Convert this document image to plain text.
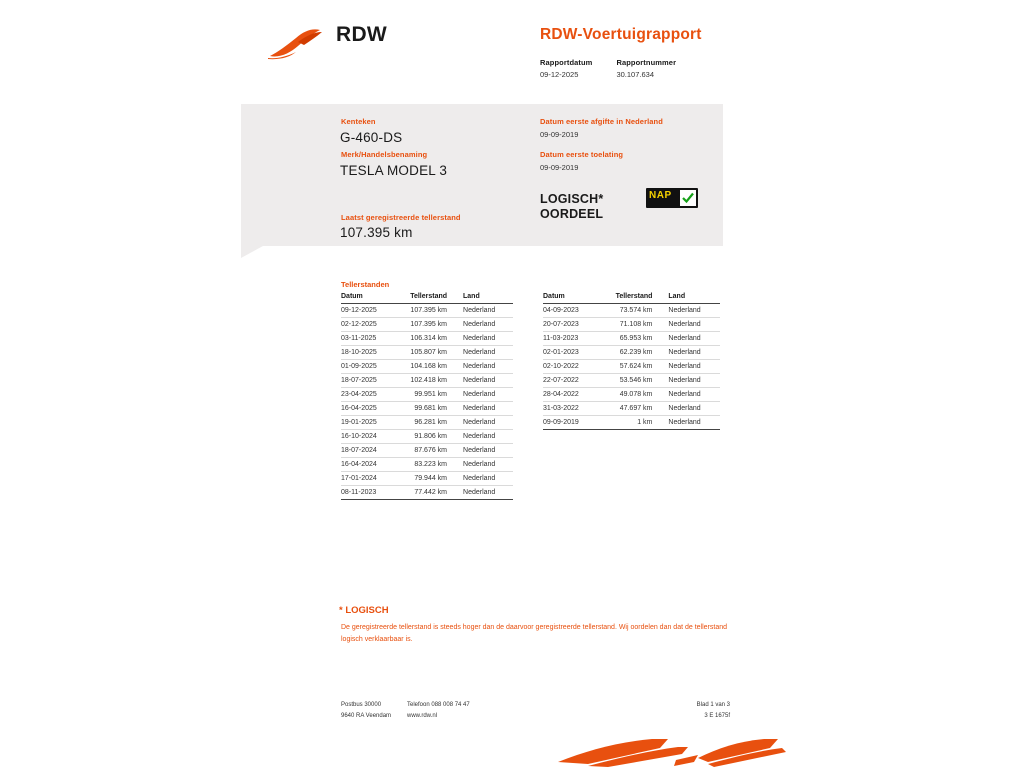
RDW	RDW-Voertuigrapport
Rapportdatum
09-12-2025
Rapportnummer
30.107.634
Kenteken
G-460-DS
Merk/Handelsbenaming
TESLA MODEL 3
Laatst geregistreerde tellerstand
107.395 km
Datum eerste afgifte in Nederland
09-09-2019
Datum eerste toelating
09-09-2019
LOGISCH*
OORDEEL
NAP
Tellerstanden
Datum	Tellerstand	Land
09-12-2025	107.395 km	Nederland
02-12-2025	107.395 km	Nederland
03-11-2025	106.314 km	Nederland
18-10-2025	105.807 km	Nederland
01-09-2025	104.168 km	Nederland
18-07-2025	102.418 km	Nederland
23-04-2025	99.951 km	Nederland
16-04-2025	99.681 km	Nederland
19-01-2025	96.281 km	Nederland
16-10-2024	91.806 km	Nederland
18-07-2024	87.676 km	Nederland
16-04-2024	83.223 km	Nederland
17-01-2024	79.944 km	Nederland
08-11-2023	77.442 km	Nederland
Datum	Tellerstand	Land
04-09-2023	73.574 km	Nederland
20-07-2023	71.108 km	Nederland
11-03-2023	65.953 km	Nederland
02-01-2023	62.239 km	Nederland
02-10-2022	57.624 km	Nederland
22-07-2022	53.546 km	Nederland
28-04-2022	49.078 km	Nederland
31-03-2022	47.697 km	Nederland
09-09-2019	1 km	Nederland
* LOGISCH
De geregistreerde tellerstand is steeds hoger dan de daarvoor geregistreerde tellerstand. Wij oordelen dan dat de tellerstand logisch verklaarbaar is.
Postbus 30000	Telefoon 088 008 74 47
9640 RA Veendam	www.rdw.nl
Blad 1 van 3
3 E 1675f
